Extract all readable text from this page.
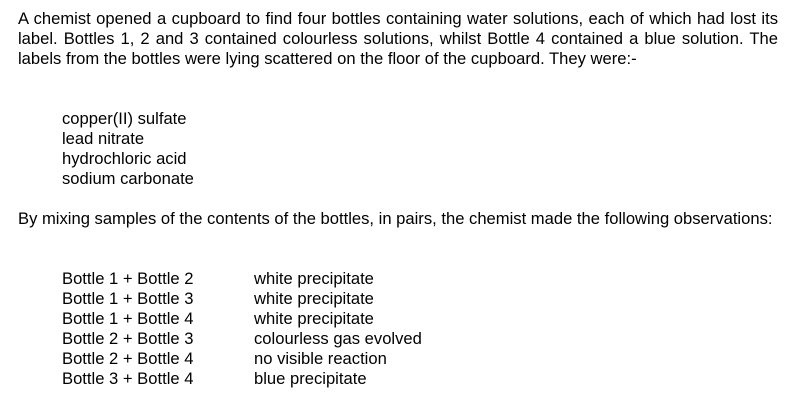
A chemist opened a cupboard to find four bottles containing water solutions, each of which had lost its label. Bottles 1, 2 and 3 contained colourless solutions, whilst Bottle 4 contained a blue solution. The labels from the bottles were lying scattered on the floor of the cupboard. They were:-

copper(II) sulfate
lead nitrate
hydrochloric acid
sodium carbonate

By mixing samples of the contents of the bottles, in pairs, the chemist made the following observations:

Bottle 1 + Bottle 2	white precipitate
Bottle 1 + Bottle 3	white precipitate
Bottle 1 + Bottle 4	white precipitate
Bottle 2 + Bottle 3	colourless gas evolved
Bottle 2 + Bottle 4	no visible reaction
Bottle 3 + Bottle 4	blue precipitate
